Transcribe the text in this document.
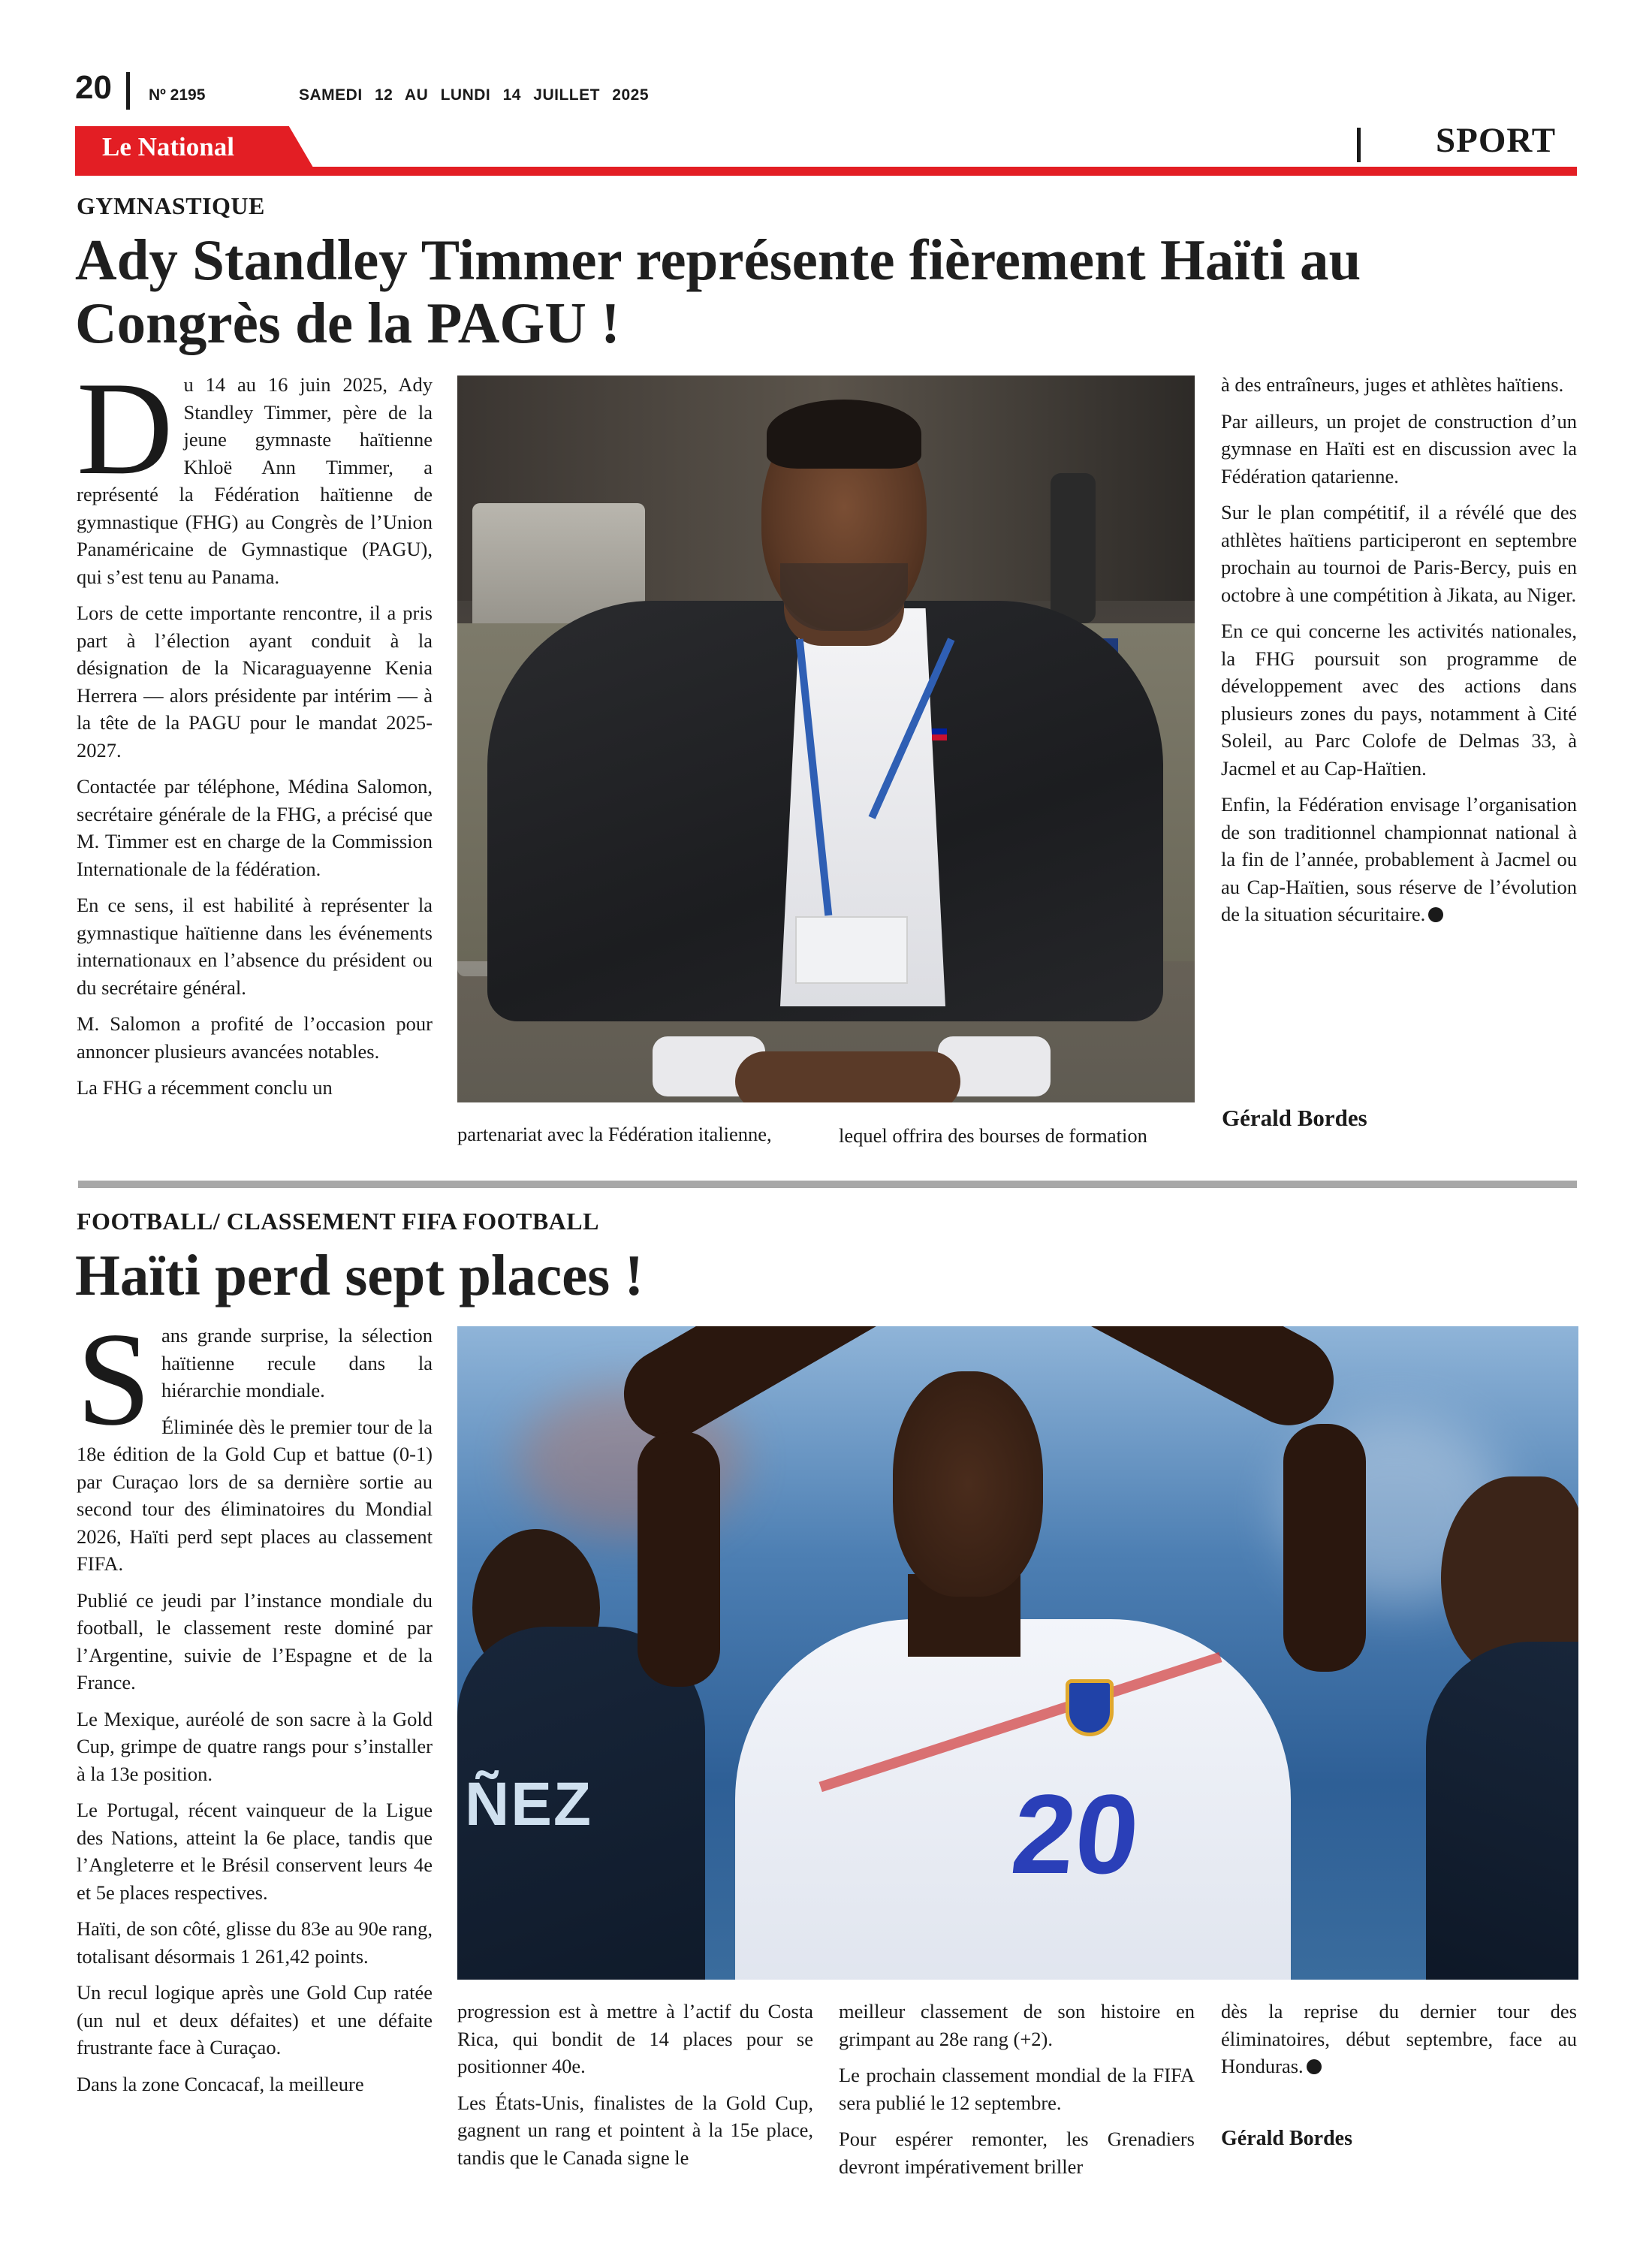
20 Nº 2195	SAMEDI 12 AU LUNDI 14 JUILLET 2025
Le National	SPORT
GYMNASTIQUE
Ady Standley Timmer représente fièrement Haïti au
Congrès de la PAGU !

Du 14 au 16 juin 2025, Ady Standley Timmer, père de la jeune gymnaste haïtienne Khloë Ann Timmer, a représenté la Fédération haïtienne de gymnastique (FHG) au Congrès de l’Union Panaméricaine de Gymnastique (PAGU), qui s’est tenu au Panama.

Lors de cette importante rencontre, il a pris part à l’élection ayant conduit à la désignation de la Nicaraguayenne Kenia Herrera — alors présidente par intérim — à la tête de la PAGU pour le mandat 2025-2027.

Contactée par téléphone, Médina Salomon, secrétaire générale de la FHG, a précisé que M. Timmer est en charge de la Commission Internationale de la fédération.

En ce sens, il est habilité à représenter la gymnastique haïtienne dans les événements internationaux en l’absence du président ou du secrétaire général.

M. Salomon a profité de l’occasion pour annoncer plusieurs avancées notables.

La FHG a récemment conclu un

partenariat avec la Fédération italienne,	lequel offrira des bourses de formation

à des entraîneurs, juges et athlètes haïtiens.

Par ailleurs, un projet de construction d’un gymnase en Haïti est en discussion avec la Fédération qatarienne.

Sur le plan compétitif, il a révélé que des athlètes haïtiens participeront en septembre prochain au tournoi de Paris-Bercy, puis en octobre à une compétition à Jikata, au Niger.

En ce qui concerne les activités nationales, la FHG poursuit son programme de développement avec des actions dans plusieurs zones du pays, notamment à Cité Soleil, au Parc Colofe de Delmas 33, à Jacmel et au Cap-Haïtien.

Enfin, la Fédération envisage l’organisation de son traditionnel championnat national à la fin de l’année, probablement à Jacmel ou au Cap-Haïtien, sous réserve de l’évolution de la situation sécuritaire.

Gérald Bordes
FOOTBALL/ CLASSEMENT FIFA FOOTBALL
Haïti perd sept places !

Sans grande surprise, la sélection haïtienne recule dans la hiérarchie mondiale.

Éliminée dès le premier tour de la 18e édition de la Gold Cup et battue (0-1) par Curaçao lors de sa dernière sortie au second tour des éliminatoires du Mondial 2026, Haïti perd sept places au classement FIFA.

Publié ce jeudi par l’instance mondiale du football, le classement reste dominé par l’Argentine, suivie de l’Espagne et de la France.

Le Mexique, auréolé de son sacre à la Gold Cup, grimpe de quatre rangs pour s’installer à la 13e position.

Le Portugal, récent vainqueur de la Ligue des Nations, atteint la 6e place, tandis que l’Angleterre et le Brésil conservent leurs 4e et 5e places respectives.

Haïti, de son côté, glisse du 83e au 90e rang, totalisant désormais 1 261,42 points.

Un recul logique après une Gold Cup ratée (un nul et deux défaites) et une défaite frustrante face à Curaçao.

Dans la zone Concacaf, la meilleure

ÑEZ	20

progression est à mettre à l’actif du Costa Rica, qui bondit de 14 places pour se positionner 40e.

Les États-Unis, finalistes de la Gold Cup, gagnent un rang et pointent à la 15e place, tandis que le Canada signe le

meilleur classement de son histoire en grimpant au 28e rang (+2).

Le prochain classement mondial de la FIFA sera publié le 12 septembre.

Pour espérer remonter, les Grenadiers devront impérativement briller

dès la reprise du dernier tour des éliminatoires, début septembre, face au Honduras.

Gérald Bordes
